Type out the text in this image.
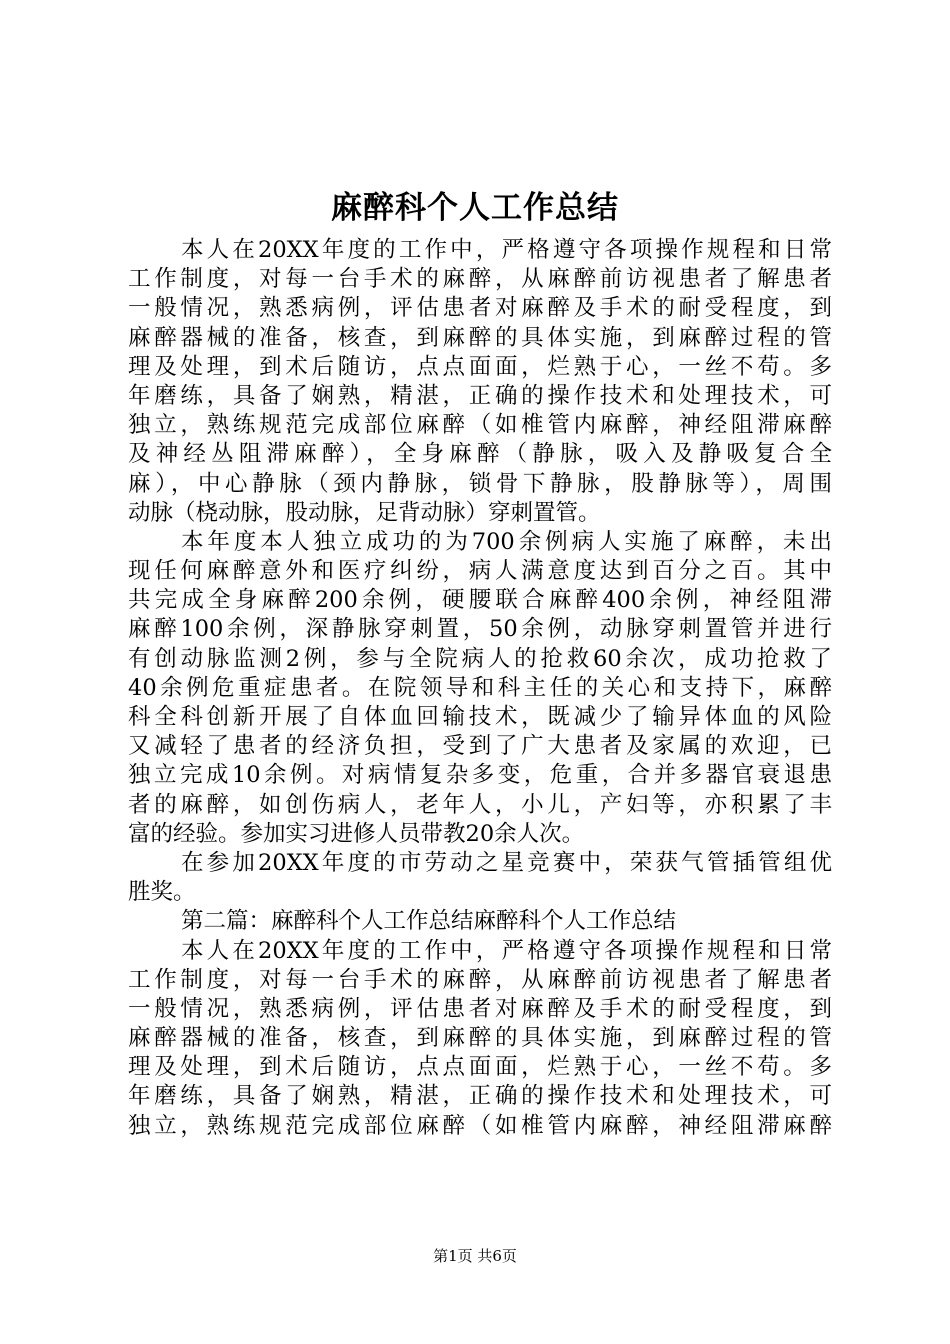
麻醉科个人工作总结
本人在20XX年度的工作中，严格遵守各项操作规程和日常
工作制度，对每一台手术的麻醉，从麻醉前访视患者了解患者
一般情况，熟悉病例，评估患者对麻醉及手术的耐受程度，到
麻醉器械的准备，核查，到麻醉的具体实施，到麻醉过程的管
理及处理，到术后随访，点点面面，烂熟于心，一丝不苟。多
年磨练，具备了娴熟，精湛，正确的操作技术和处理技术，可
独立，熟练规范完成部位麻醉（如椎管内麻醉，神经阻滞麻醉
及神经丛阻滞麻醉），全身麻醉（静脉，吸入及静吸复合全
麻），中心静脉（颈内静脉，锁骨下静脉，股静脉等），周围
动脉（桡动脉，股动脉，足背动脉）穿刺置管。
本年度本人独立成功的为700余例病人实施了麻醉，未出
现任何麻醉意外和医疗纠纷，病人满意度达到百分之百。其中
共完成全身麻醉200余例，硬腰联合麻醉400余例，神经阻滞
麻醉100余例，深静脉穿刺置，50余例，动脉穿刺置管并进行
有创动脉监测2例，参与全院病人的抢救60余次，成功抢救了
40余例危重症患者。在院领导和科主任的关心和支持下，麻醉
科全科创新开展了自体血回输技术，既减少了输异体血的风险
又减轻了患者的经济负担，受到了广大患者及家属的欢迎，已
独立完成10余例。对病情复杂多变，危重，合并多器官衰退患
者的麻醉，如创伤病人，老年人，小儿，产妇等，亦积累了丰
富的经验。参加实习进修人员带教20余人次。
在参加20XX年度的市劳动之星竞赛中，荣获气管插管组优
胜奖。
第二篇：麻醉科个人工作总结麻醉科个人工作总结
本人在20XX年度的工作中，严格遵守各项操作规程和日常
工作制度，对每一台手术的麻醉，从麻醉前访视患者了解患者
一般情况，熟悉病例，评估患者对麻醉及手术的耐受程度，到
麻醉器械的准备，核查，到麻醉的具体实施，到麻醉过程的管
理及处理，到术后随访，点点面面，烂熟于心，一丝不苟。多
年磨练，具备了娴熟，精湛，正确的操作技术和处理技术，可
独立，熟练规范完成部位麻醉（如椎管内麻醉，神经阻滞麻醉
第1页 共6页
